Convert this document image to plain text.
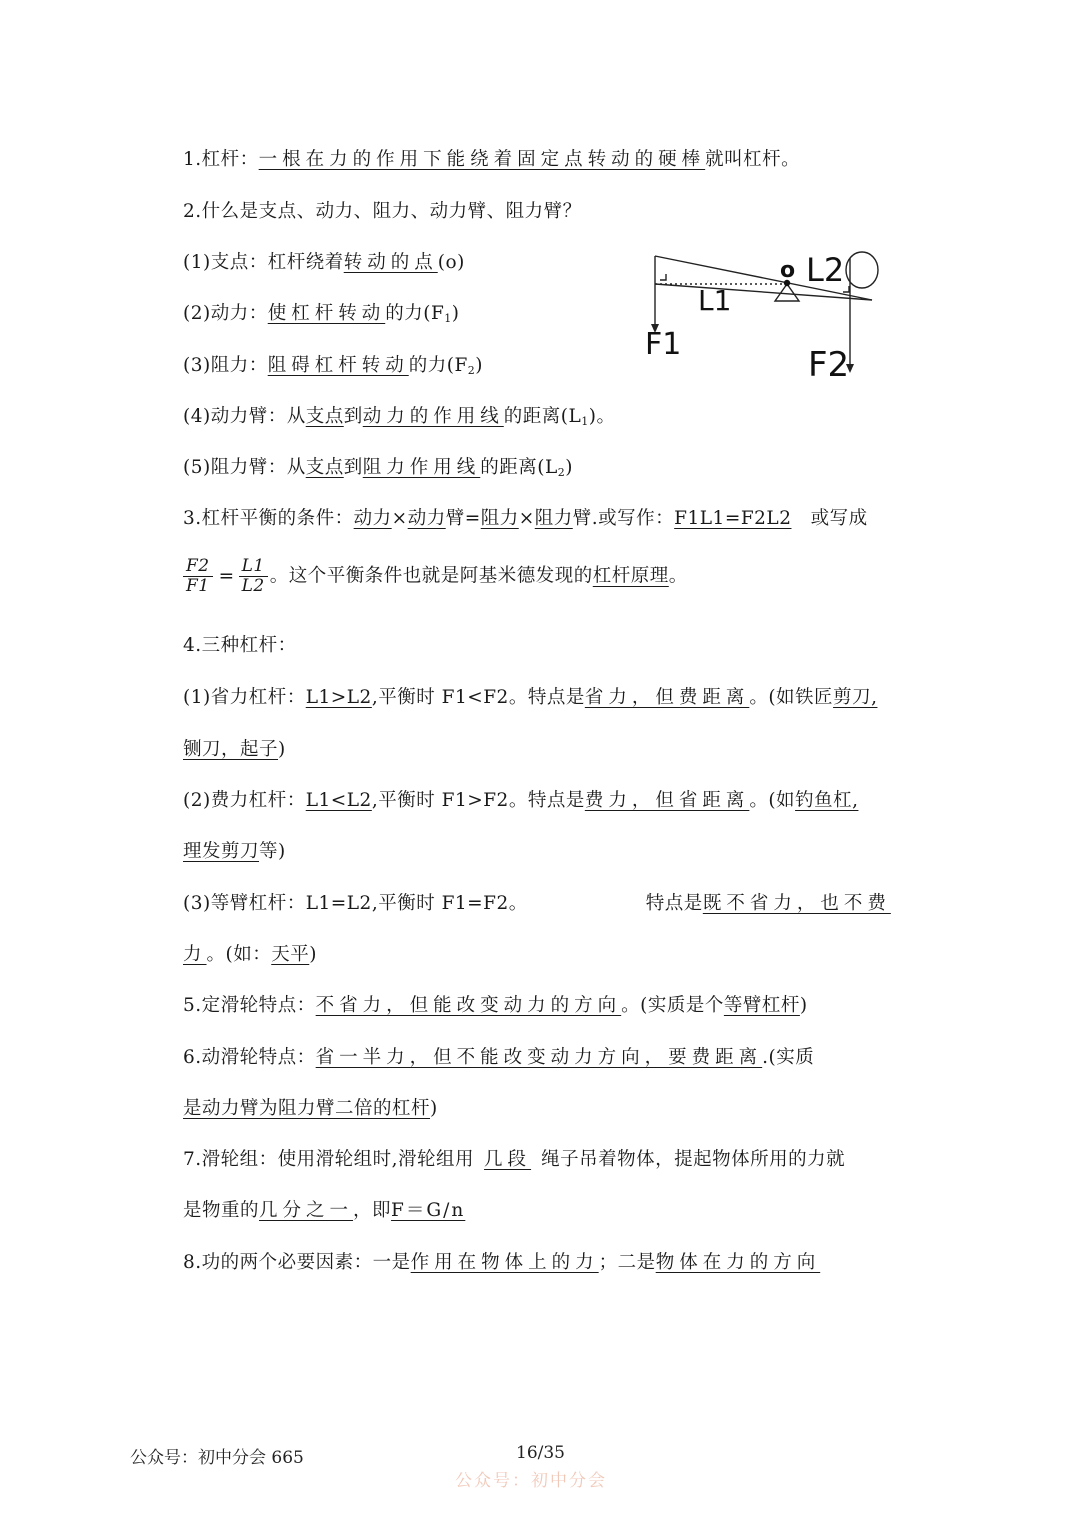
1.杠杆：一根在力的作用下能绕着固定点转动的硬棒就叫杠杆。
2.什么是支点、动力、阻力、动力臂、阻力臂？
(1)支点：杠杆绕着转动的点(o)
(2)动力：使杠杆转动的力$(F_1)$
(3)阻力：阻碍杠杆转动的力$(F_2)$
(4)动力臂：从支点到动力的作用线的距离$(L_1)$。
(5)阻力臂：从支点到阻力作用线的距离$(L_2)$
3.杠杆平衡的条件：动力×动力臂=阻力×阻力臂.或写作：F1L1=F2L2 或写成
$\frac{F2}{F1} = \frac{L1}{L2}$ 。这个平衡条件也就是阿基米德发现的杠杆原理。
4.三种杠杆：
(1)省力杠杆：L1>L2,平衡时 F1<F2。特点是省力，但费距离。(如铁匠剪刀,
铡刀，起子)
(2)费力杠杆：L1<L2,平衡时 F1>F2。特点是费力，但省距离。(如钓鱼杠,
理发剪刀等)
(3)等臂杠杆：L1=L2,平衡时 F1=F2。	特点是既不省力，也不费
力。(如：天平)
5.定滑轮特点：不省力，但能改变动力的方向。(实质是个等臂杠杆)
6.动滑轮特点：省一半力，但不能改变动力方向，要费距离.(实质
是动力臂为阻力臂二倍的杠杆)
7.滑轮组：使用滑轮组时,滑轮组用 几段 绳子吊着物体，提起物体所用的力就
是物重的几分之一，即F＝G/n
8.功的两个必要因素：一是作用在物体上的力；二是物体在力的方向
o L2
L1
F1
F2
公众号：初中分会 665	16/35
公众号：初中分会
